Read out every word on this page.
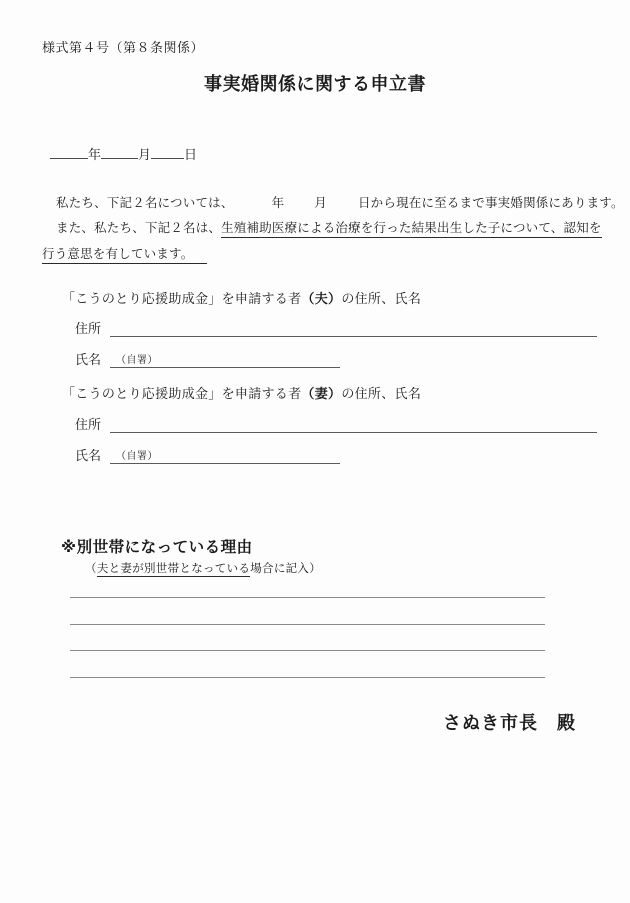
様式第４号（第８条関係）
事実婚関係に関する申立書
年	月	日
私たち、下記２名については、	年 月 日から現在に至るまで事実婚関係にあります。
また、私たち、下記２名は、生殖補助医療による治療を行った結果出生した子について、認知を
行う意思を有しています。
「こうのとり応援助成金」を申請する者（夫）の住所、氏名
住所
氏名	（自署）
「こうのとり応援助成金」を申請する者（妻）の住所、氏名
住所
氏名	（自署）
※別世帯になっている理由
（夫と妻が別世帯となっている場合に記入）
さぬき市長　殿
